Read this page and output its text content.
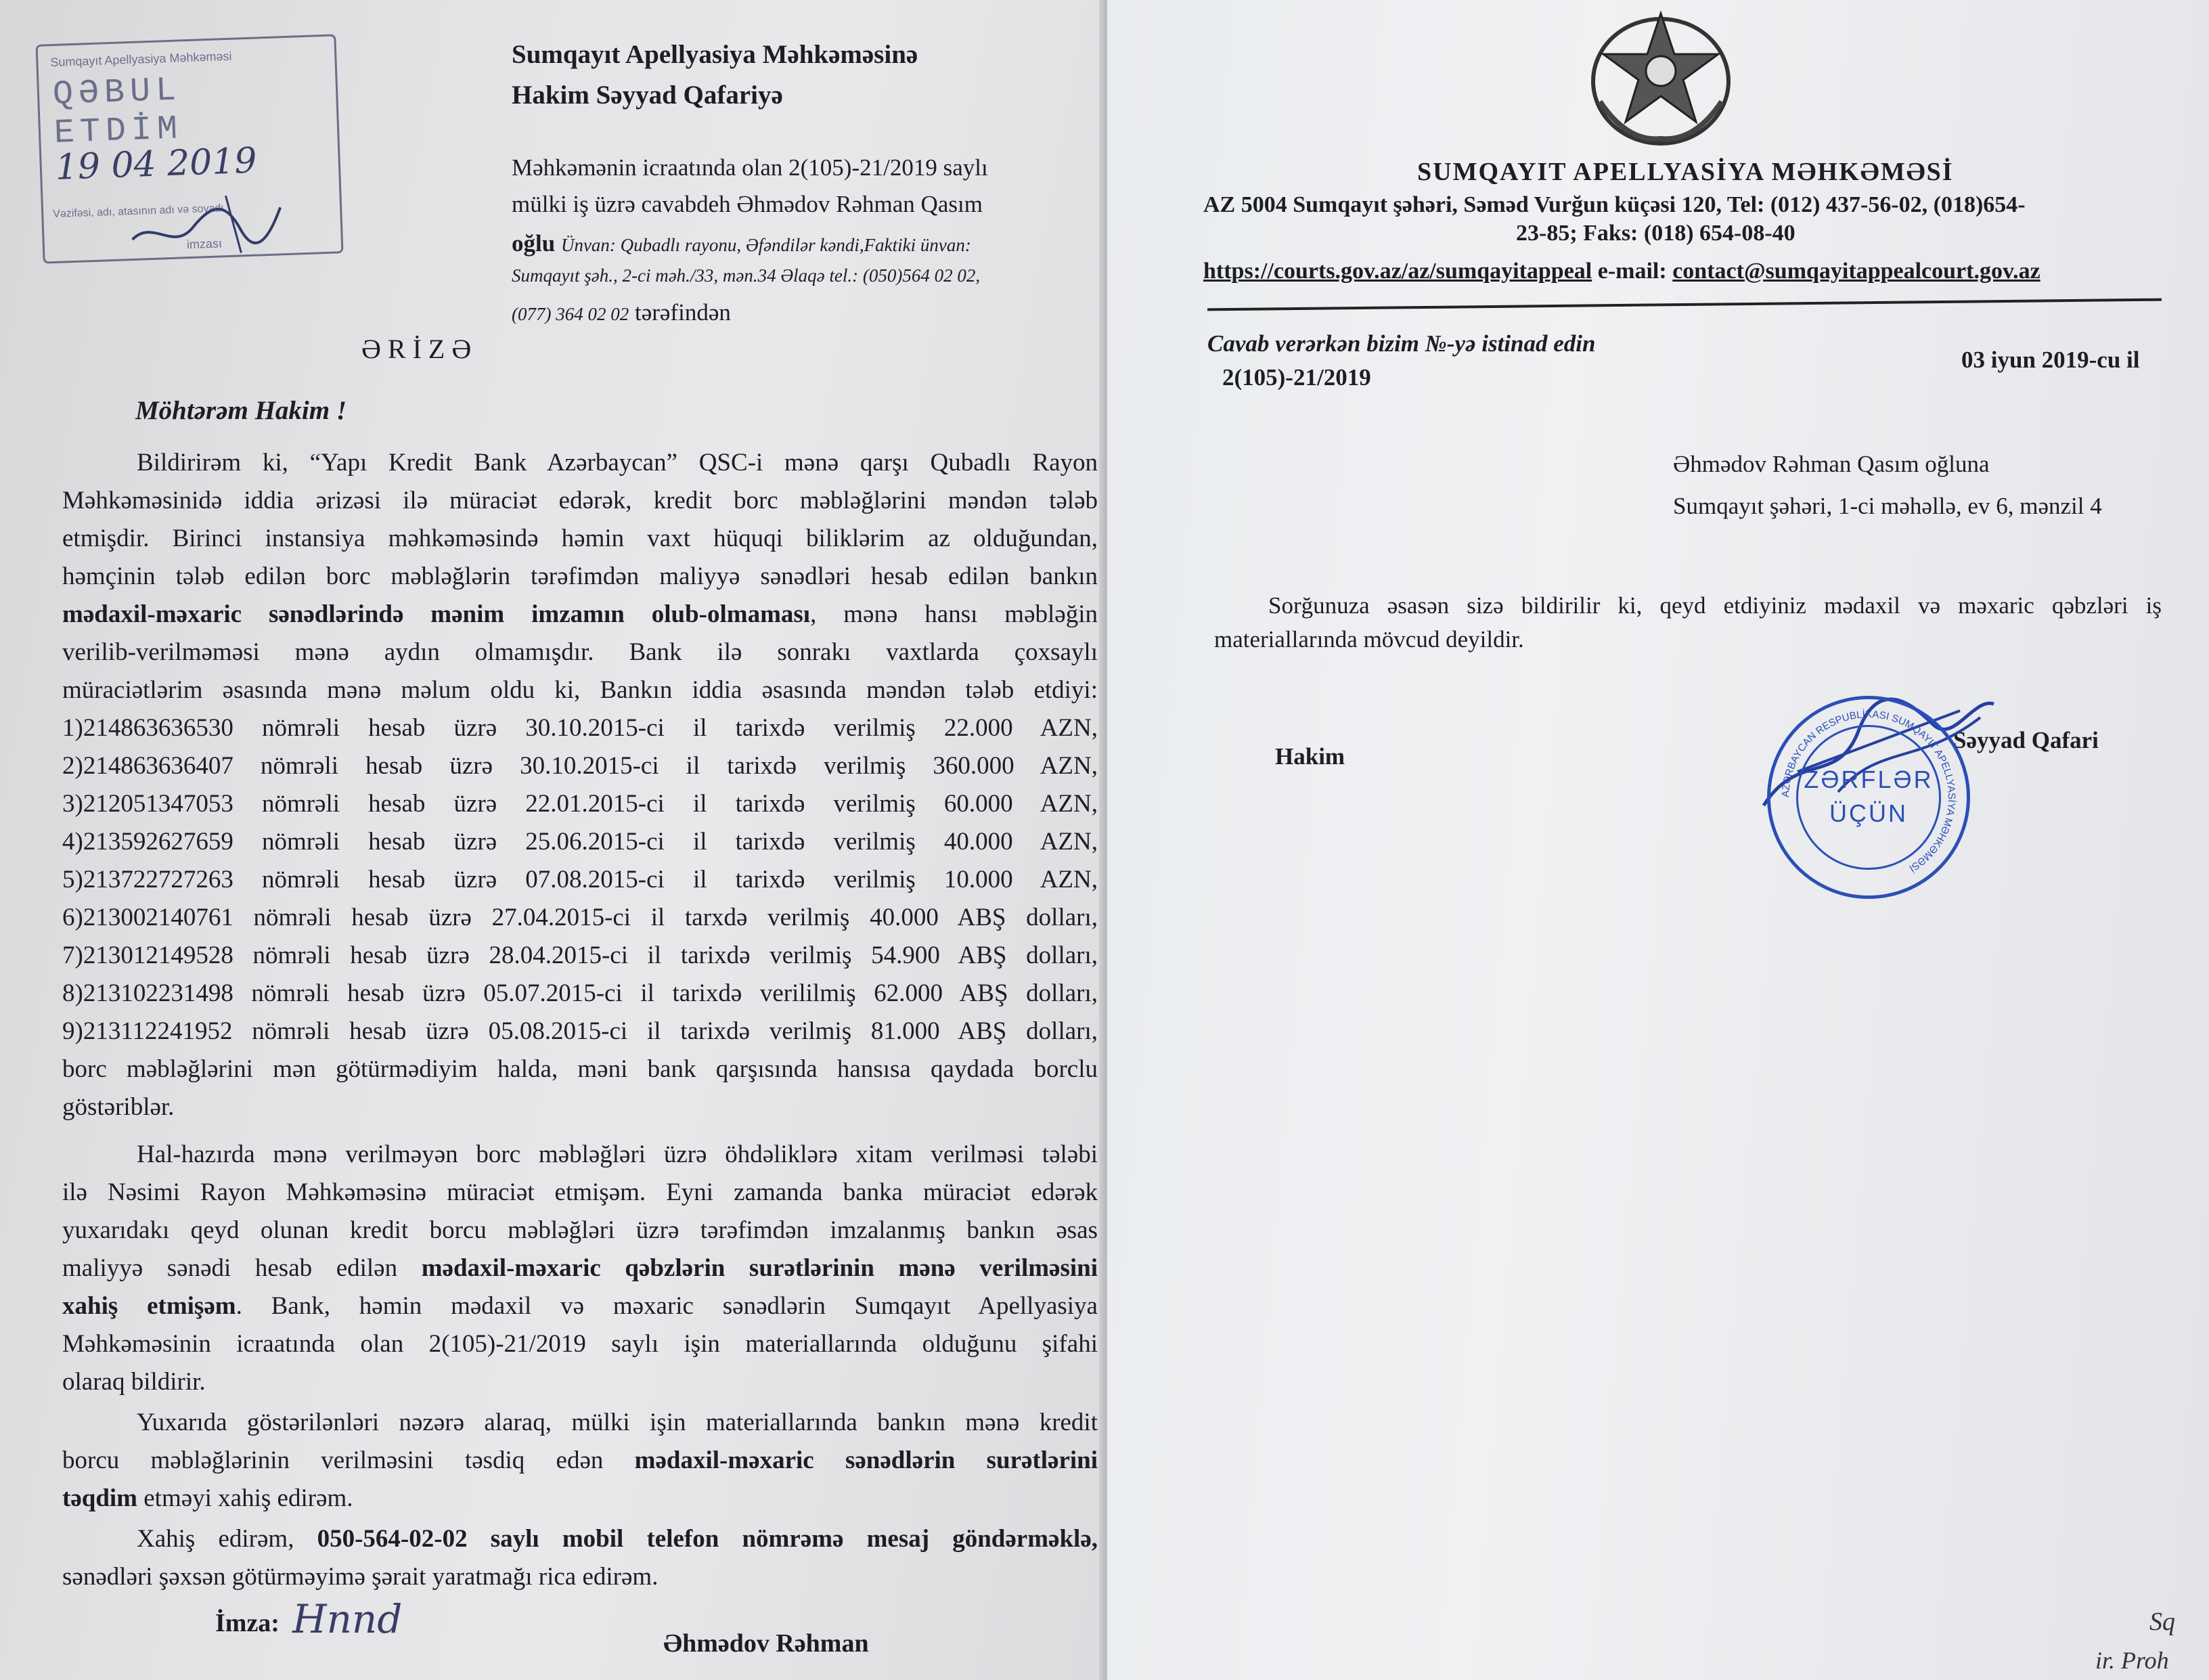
Sumqayıt Apellyasiya Məhkəməsi
QƏBUL ETDİM
19 04 2019
Vəzifəsi, adı, atasının adı və soyadı
imzası
Sumqayıt Apellyasiya Məhkəməsinə
Hakim Səyyad Qafariyə
Məhkəmənin icraatında olan 2(105)-21/2019 saylı
mülki iş üzrə cavabdeh Əhmədov Rəhman Qasım
oğlu Ünvan: Qubadlı rayonu, Əfəndilər kəndi,Faktiki ünvan:
Sumqayıt şəh., 2-ci məh./33, mən.34 Əlaqə tel.: (050)564 02 02,
(077) 364 02 02 tərəfindən
ƏRİZƏ
Möhtərəm Hakim !
Bildirirəm ki, “Yapı Kredit Bank Azərbaycan” QSC-i mənə qarşı Qubadlı Rayon
Məhkəməsinidə iddia ərizəsi ilə müraciət edərək, kredit borc məbləğlərini məndən tələb
etmişdir. Birinci instansiya məhkəməsində həmin vaxt hüquqi biliklərim az olduğundan,
həmçinin tələb edilən borc məbləğlərin tərəfimdən maliyyə sənədləri hesab edilən bankın
mədaxil-məxaric sənədlərində mənim imzamın olub-olmaması, mənə hansı məbləğin
verilib-verilməməsi mənə aydın olmamışdır. Bank ilə sonrakı vaxtlarda çoxsaylı
müraciətlərim əsasında mənə məlum oldu ki, Bankın iddia əsasında məndən tələb etdiyi:
1)214863636530 nömrəli hesab üzrə 30.10.2015-ci il tarixdə verilmiş 22.000 AZN,
2)214863636407 nömrəli hesab üzrə 30.10.2015-ci il tarixdə verilmiş 360.000 AZN,
3)212051347053 nömrəli hesab üzrə 22.01.2015-ci il tarixdə verilmiş 60.000 AZN,
4)213592627659 nömrəli hesab üzrə 25.06.2015-ci il tarixdə verilmiş 40.000 AZN,
5)213722727263 nömrəli hesab üzrə 07.08.2015-ci il tarixdə verilmiş 10.000 AZN,
6)213002140761 nömrəli hesab üzrə 27.04.2015-ci il tarxdə verilmiş 40.000 ABŞ dolları,
7)213012149528 nömrəli hesab üzrə 28.04.2015-ci il tarixdə verilmiş 54.900 ABŞ dolları,
8)213102231498 nömrəli hesab üzrə 05.07.2015-ci il tarixdə verililmiş 62.000 ABŞ dolları,
9)213112241952 nömrəli hesab üzrə 05.08.2015-ci il tarixdə verilmiş 81.000 ABŞ dolları,
borc məbləğlərini mən götürmədiyim halda, məni bank qarşısında hansısa qaydada borclu
göstəriblər.
Hal-hazırda mənə verilməyən borc məbləğləri üzrə öhdəliklərə xitam verilməsi tələbi
ilə Nəsimi Rayon Məhkəməsinə müraciət etmişəm. Eyni zamanda banka müraciət edərək
yuxarıdakı qeyd olunan kredit borcu məbləğləri üzrə tərəfimdən imzalanmış bankın əsas
maliyyə sənədi hesab edilən mədaxil-məxaric qəbzlərin surətlərinin mənə verilməsini
xahiş etmişəm. Bank, həmin mədaxil və məxaric sənədlərin Sumqayıt Apellyasiya
Məhkəməsinin icraatında olan 2(105)-21/2019 saylı işin materiallarında olduğunu şifahi
olaraq bildirir.
Yuxarıda göstərilənləri nəzərə alaraq, mülki işin materiallarında bankın mənə kredit
borcu məbləğlərinin verilməsini təsdiq edən mədaxil-məxaric sənədlərin surətlərini
təqdim etməyi xahiş edirəm.
Xahiş edirəm, 050-564-02-02 saylı mobil telefon nömrəmə mesaj göndərməklə,
sənədləri şəxsən götürməyimə şərait yaratmağı rica edirəm.
İmza: Hnnd
Əhmədov Rəhman
SUMQAYIT APELLYASİYA MƏHKƏMƏSİ
AZ 5004 Sumqayıt şəhəri, Səməd Vurğun küçəsi 120, Tel: (012) 437-56-02, (018)654-
23-85; Faks: (018) 654-08-40
https://courts.gov.az/az/sumqayitappeal e-mail: contact@sumqayitappealcourt.gov.az
Cavab verərkən bizim №-yə istinad edin
2(105)-21/2019
03 iyun 2019-cu il
Əhmədov Rəhman Qasım oğluna
Sumqayıt şəhəri, 1-ci məhəllə, ev 6, mənzil 4
Sorğunuza əsasən sizə bildirilir ki, qeyd etdiyiniz mədaxil və məxaric qəbzləri iş
materiallarında mövcud deyildir.
Hakim
Səyyad Qafari
AZƏRBAYCAN RESPUBLİKASI SUMQAYIT APELLYASİYA MƏHKƏMƏSİ
ZƏRFLƏR
ÜÇÜN
Sq
ir. Proh
